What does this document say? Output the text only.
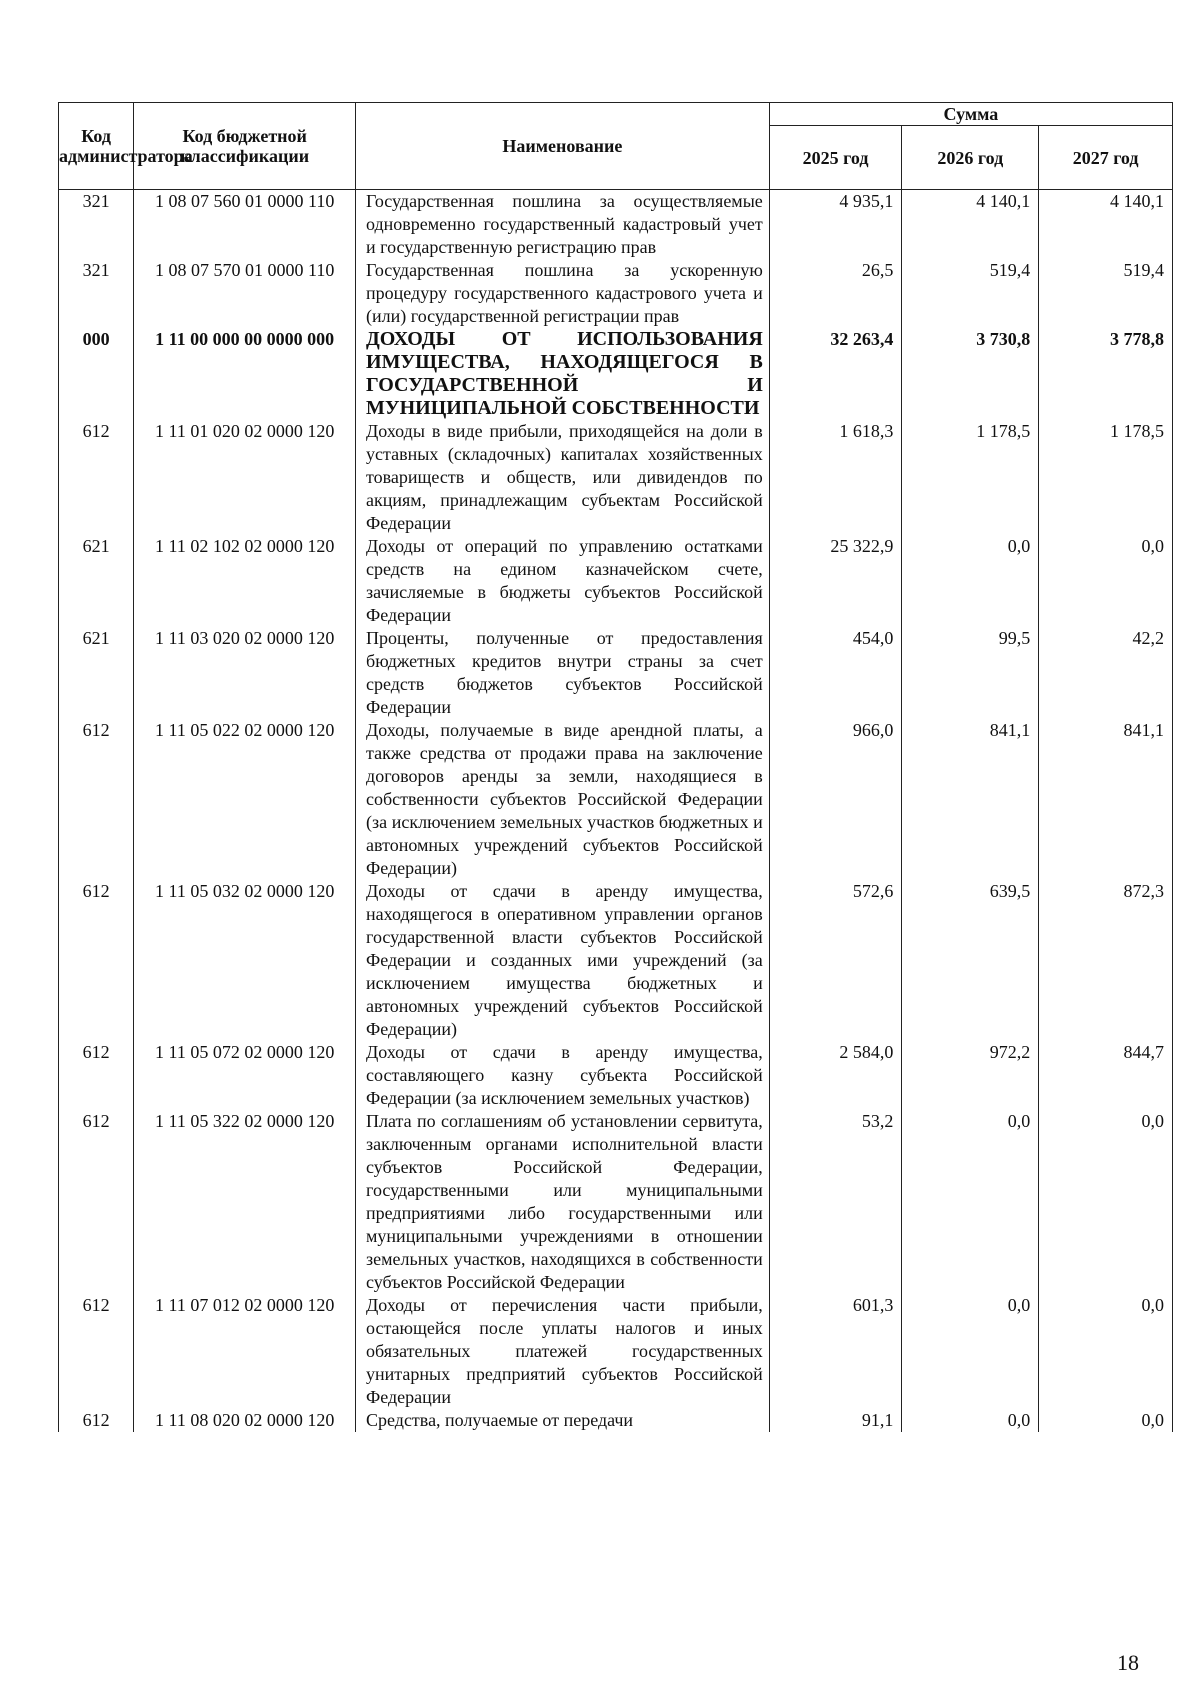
Код администратора	Код бюджетной классификации	Наименование	Сумма		
			2025 год	2026 год	2027 год
321	1 08 07 560 01 0000 110	Государственная пошлина за осуществляемые одновременно государственный кадастровый учет и государственную регистрацию прав	4 935,1	4 140,1	4 140,1
321	1 08 07 570 01 0000 110	Государственная пошлина за ускоренную процедуру государственного кадастрового учета и (или) государственной регистрации прав	26,5	519,4	519,4
000	1 11 00 000 00 0000 000	ДОХОДЫ ОТ ИСПОЛЬЗОВАНИЯ ИМУЩЕСТВА, НАХОДЯЩЕГОСЯ В ГОСУДАРСТВЕННОЙ И МУНИЦИПАЛЬНОЙ СОБСТВЕННОСТИ	32 263,4	3 730,8	3 778,8
612	1 11 01 020 02 0000 120	Доходы в виде прибыли, приходящейся на доли в уставных (складочных) капиталах хозяйственных товариществ и обществ, или дивидендов по акциям, принадлежащим субъектам Российской Федерации	1 618,3	1 178,5	1 178,5
621	1 11 02 102 02 0000 120	Доходы от операций по управлению остатками средств на едином казначейском счете, зачисляемые в бюджеты субъектов Российской Федерации	25 322,9	0,0	0,0
621	1 11 03 020 02 0000 120	Проценты, полученные от предоставления бюджетных кредитов внутри страны за счет средств бюджетов субъектов Российской Федерации	454,0	99,5	42,2
612	1 11 05 022 02 0000 120	Доходы, получаемые в виде арендной платы, а также средства от продажи права на заключение договоров аренды за земли, находящиеся в собственности субъектов Российской Федерации (за исключением земельных участков бюджетных и автономных учреждений субъектов Российской Федерации)	966,0	841,1	841,1
612	1 11 05 032 02 0000 120	Доходы от сдачи в аренду имущества, находящегося в оперативном управлении органов государственной власти субъектов Российской Федерации и созданных ими учреждений (за исключением имущества бюджетных и автономных учреждений субъектов Российской Федерации)	572,6	639,5	872,3
612	1 11 05 072 02 0000 120	Доходы от сдачи в аренду имущества, составляющего казну субъекта Российской Федерации (за исключением земельных участков)	2 584,0	972,2	844,7
612	1 11 05 322 02 0000 120	Плата по соглашениям об установлении сервитута, заключенным органами исполнительной власти субъектов Российской Федерации, государственными или муниципальными предприятиями либо государственными или муниципальными учреждениями в отношении земельных участков, находящихся в собственности субъектов Российской Федерации	53,2	0,0	0,0
612	1 11 07 012 02 0000 120	Доходы от перечисления части прибыли, остающейся после уплаты налогов и иных обязательных платежей государственных унитарных предприятий субъектов Российской Федерации	601,3	0,0	0,0
612	1 11 08 020 02 0000 120	Средства, получаемые от передачи	91,1	0,0	0,0
18
